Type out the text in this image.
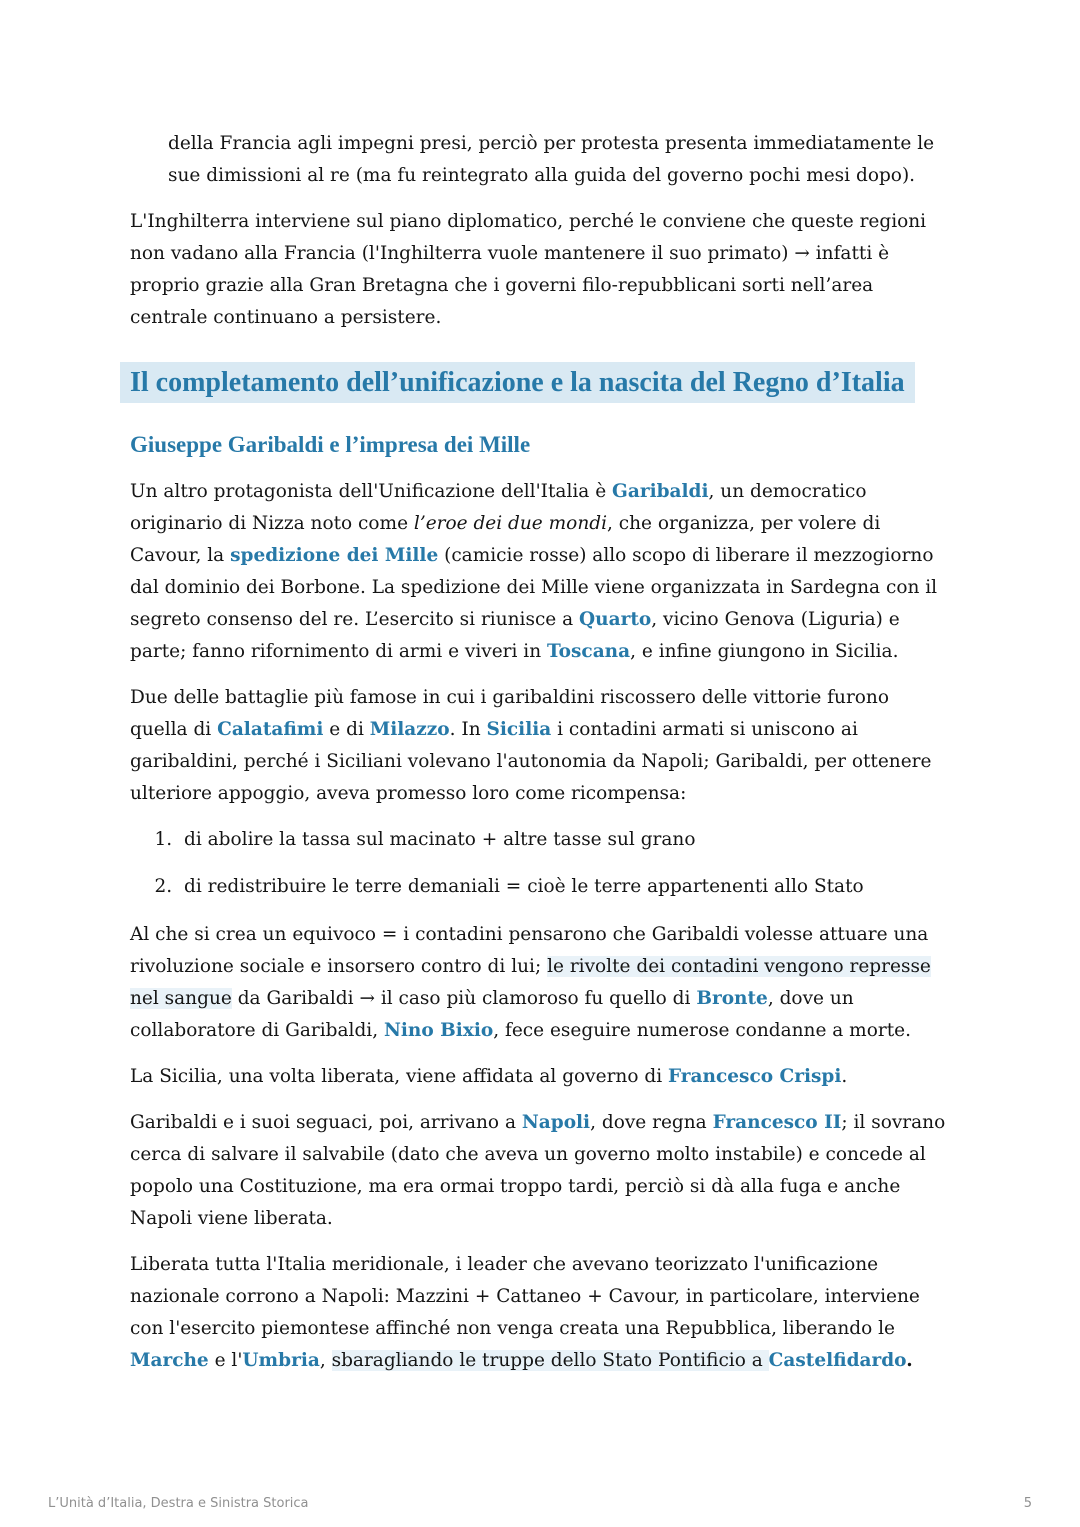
della Francia agli impegni presi, perciò per protesta presenta immediatamente le sue dimissioni al re (ma fu reintegrato alla guida del governo pochi mesi dopo).

L'Inghilterra interviene sul piano diplomatico, perché le conviene che queste regioni non vadano alla Francia (l'Inghilterra vuole mantenere il suo primato) → infatti è proprio grazie alla Gran Bretagna che i governi filo-repubblicani sorti nell’area centrale continuano a persistere.

Il completamento dell’unificazione e la nascita del Regno d’Italia
Giuseppe Garibaldi e l’impresa dei Mille

Un altro protagonista dell'Unificazione dell'Italia è Garibaldi, un democratico originario di Nizza noto come l’eroe dei due mondi, che organizza, per volere di Cavour, la spedizione dei Mille (camicie rosse) allo scopo di liberare il mezzogiorno dal dominio dei Borbone. La spedizione dei Mille viene organizzata in Sardegna con il segreto consenso del re. L’esercito si riunisce a Quarto, vicino Genova (Liguria) e parte; fanno rifornimento di armi e viveri in Toscana, e infine giungono in Sicilia.

Due delle battaglie più famose in cui i garibaldini riscossero delle vittorie furono quella di Calatafimi e di Milazzo. In Sicilia i contadini armati si uniscono ai garibaldini, perché i Siciliani volevano l'autonomia da Napoli; Garibaldi, per ottenere ulteriore appoggio, aveva promesso loro come ricompensa:

1. di abolire la tassa sul macinato + altre tasse sul grano
2. di redistribuire le terre demaniali = cioè le terre appartenenti allo Stato

Al che si crea un equivoco = i contadini pensarono che Garibaldi volesse attuare una rivoluzione sociale e insorsero contro di lui; le rivolte dei contadini vengono represse nel sangue da Garibaldi → il caso più clamoroso fu quello di Bronte, dove un collaboratore di Garibaldi, Nino Bixio, fece eseguire numerose condanne a morte.

La Sicilia, una volta liberata, viene affidata al governo di Francesco Crispi.

Garibaldi e i suoi seguaci, poi, arrivano a Napoli, dove regna Francesco II; il sovrano cerca di salvare il salvabile (dato che aveva un governo molto instabile) e concede al popolo una Costituzione, ma era ormai troppo tardi, perciò si dà alla fuga e anche Napoli viene liberata.

Liberata tutta l'Italia meridionale, i leader che avevano teorizzato l'unificazione nazionale corrono a Napoli: Mazzini + Cattaneo + Cavour, in particolare, interviene con l'esercito piemontese affinché non venga creata una Repubblica, liberando le Marche e l'Umbria, sbaragliando le truppe dello Stato Pontificio a Castelfidardo.

L’Unità d’Italia, Destra e Sinistra Storica	5
